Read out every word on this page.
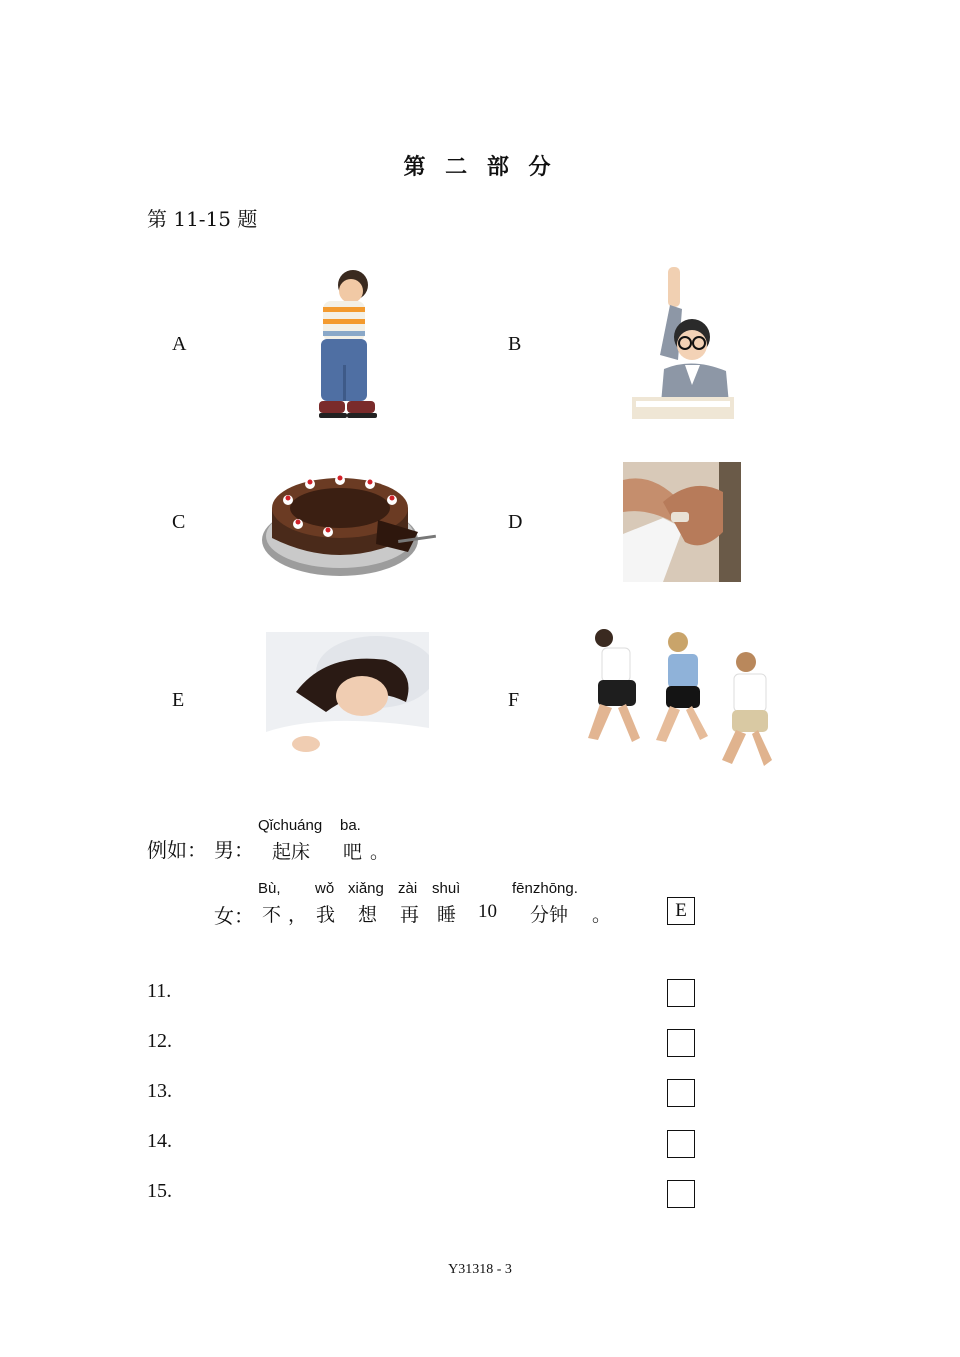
第 二 部 分
第 11-15 题
A	B
C	D
E	F
例如： 男：
Qǐchuáng ba.
起床 吧 。
女：
Bù, wǒ xiǎng zài shuì	fēnzhōng.
不 ， 我 想 再 睡 10 分钟 。	E
11.
12.
13.
14.
15.
Y31318 - 3
